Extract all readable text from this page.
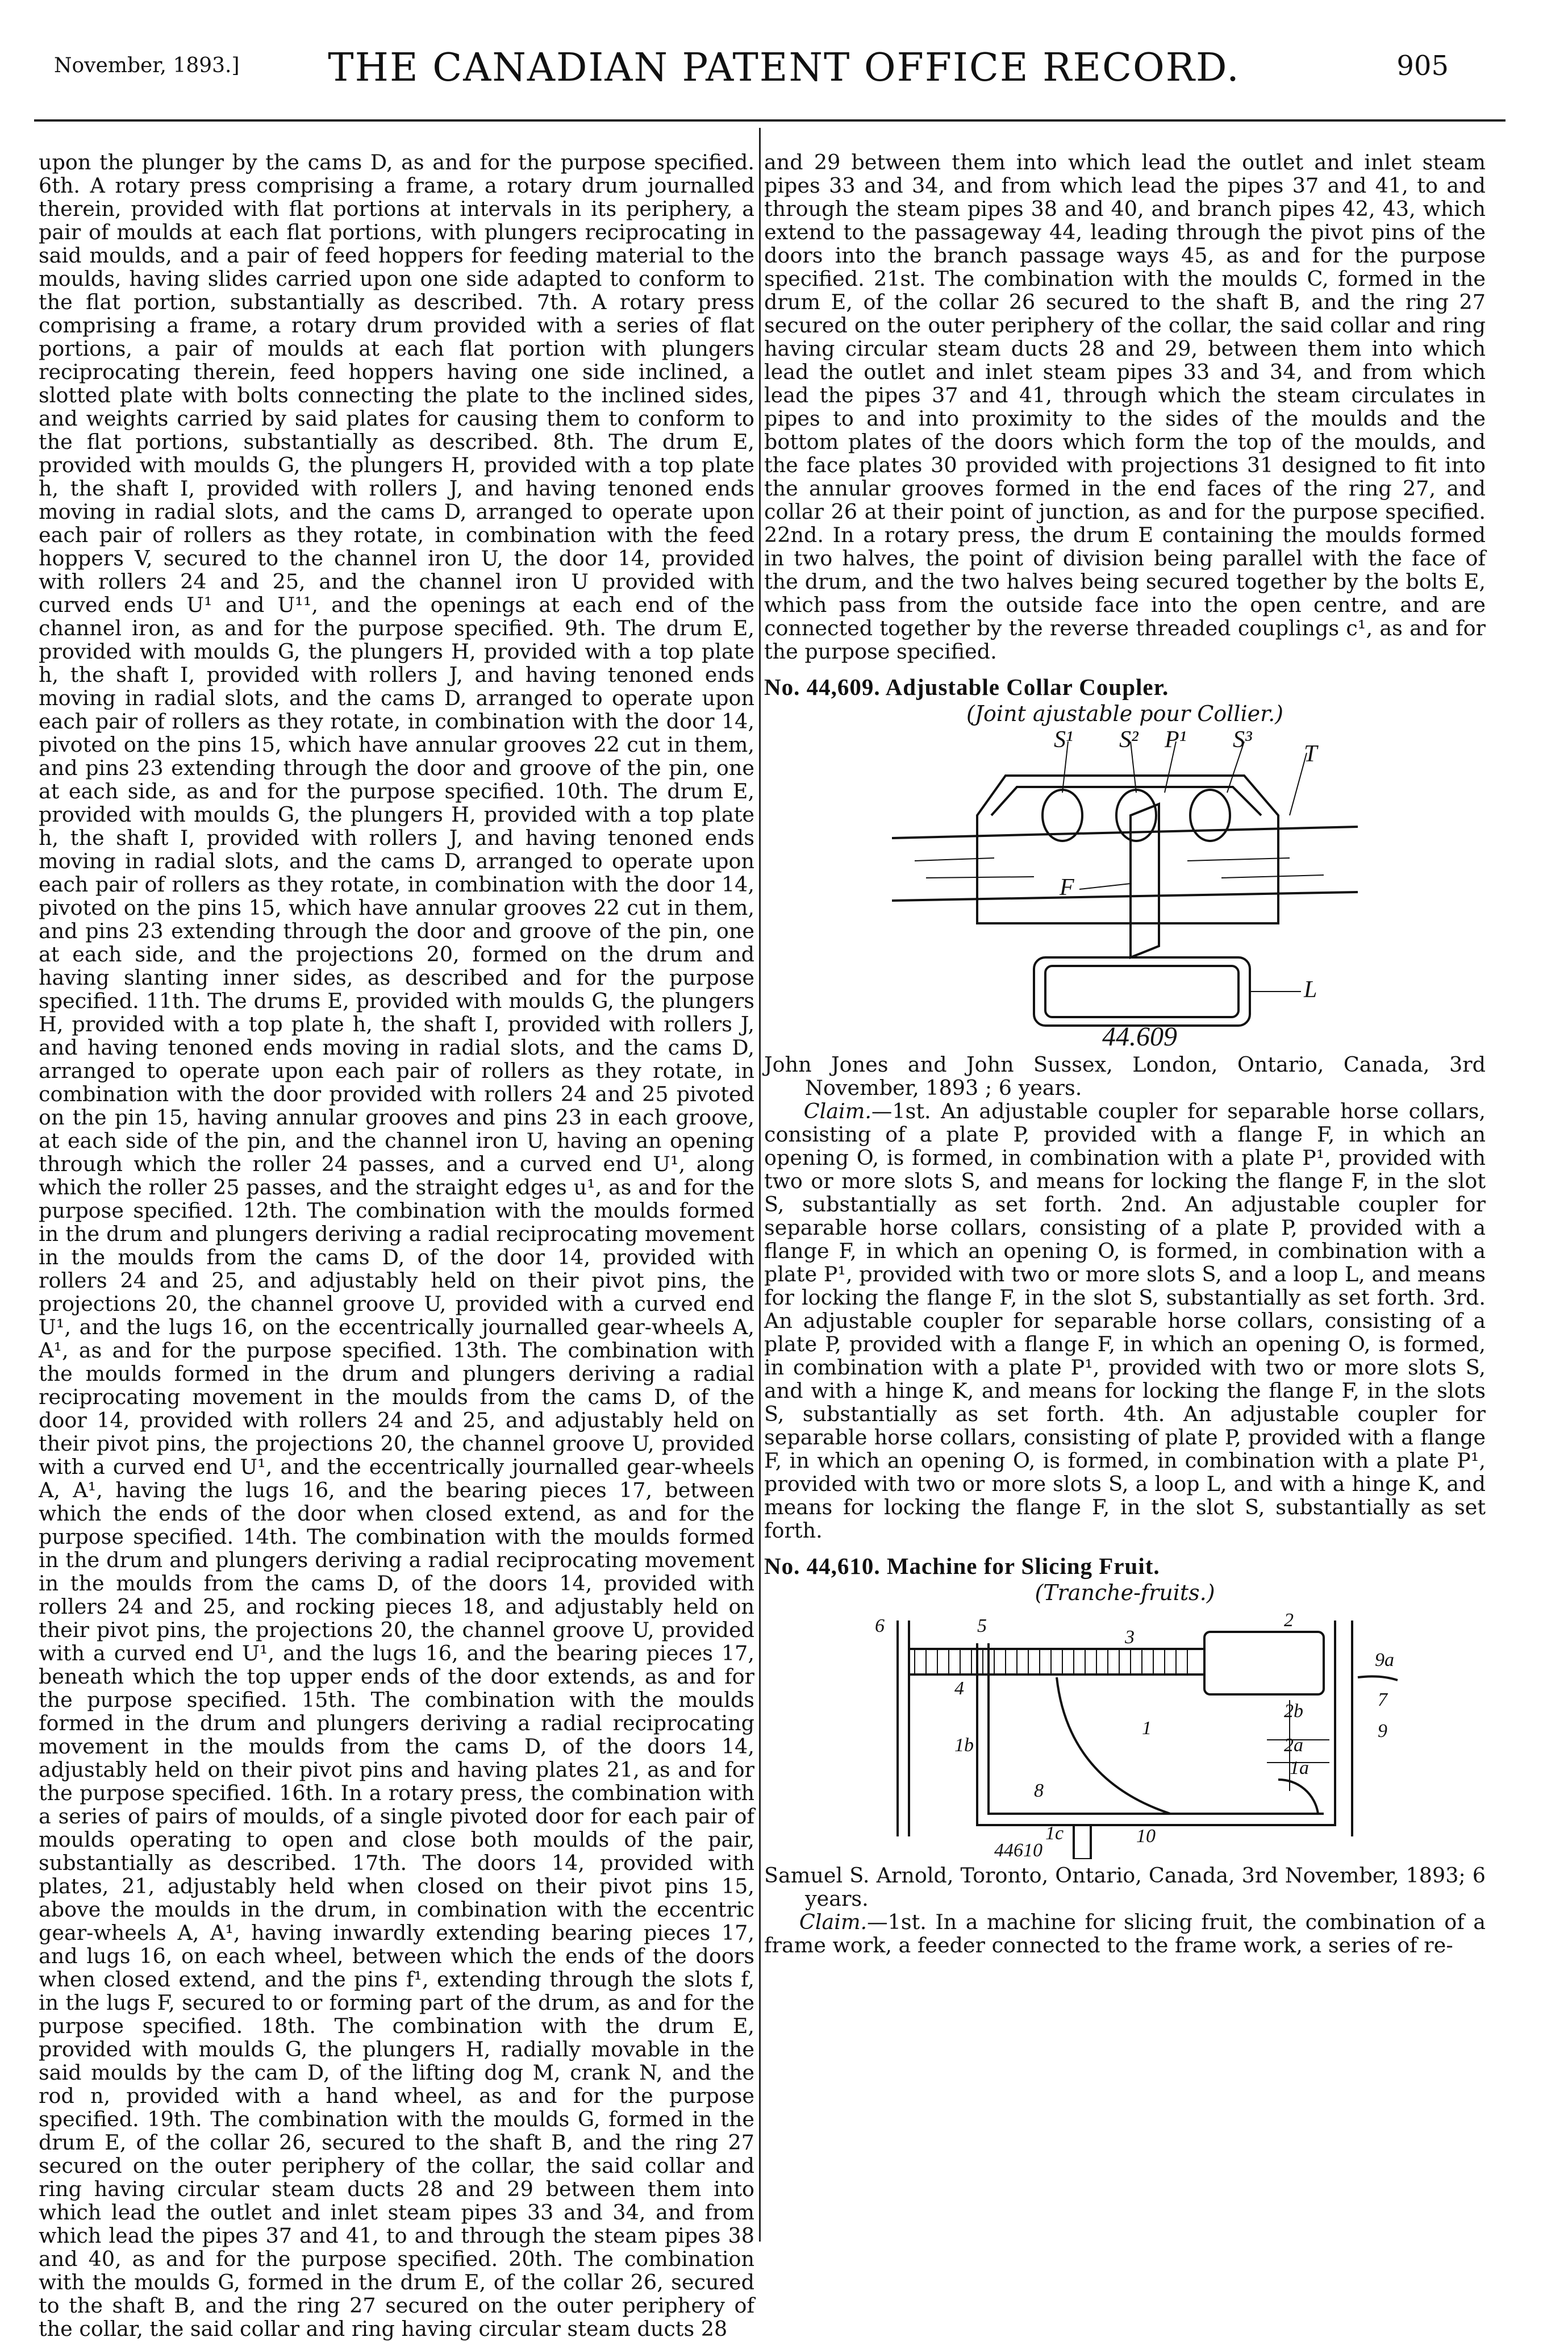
November, 1893.]	THE CANADIAN PATENT OFFICE RECORD.	905

upon the plunger by the cams D, as and for the purpose specified. 6th. A rotary press comprising a frame, a rotary drum journalled therein, provided with flat portions at intervals in its periphery, a pair of moulds at each flat portions, with plungers reciprocating in said moulds, and a pair of feed hoppers for feeding material to the moulds, having slides carried upon one side adapted to conform to the flat portion, substantially as described. 7th. A rotary press comprising a frame, a rotary drum provided with a series of flat portions, a pair of moulds at each flat portion with plungers reciprocating therein, feed hoppers having one side inclined, a slotted plate with bolts connecting the plate to the inclined sides, and weights carried by said plates for causing them to conform to the flat portions, substantially as described. 8th. The drum E, provided with moulds G, the plungers H, provided with a top plate h, the shaft I, provided with rollers J, and having tenoned ends moving in radial slots, and the cams D, arranged to operate upon each pair of rollers as they rotate, in combination with the feed hoppers V, secured to the channel iron U, the door 14, provided with rollers 24 and 25, and the channel iron U provided with curved ends U¹ and U¹¹, and the openings at each end of the channel iron, as and for the purpose specified. 9th. The drum E, provided with moulds G, the plungers H, provided with a top plate h, the shaft I, provided with rollers J, and having tenoned ends moving in radial slots, and the cams D, arranged to operate upon each pair of rollers as they rotate, in combination with the door 14, pivoted on the pins 15, which have annular grooves 22 cut in them, and pins 23 extending through the door and groove of the pin, one at each side, as and for the purpose specified. 10th. The drum E, provided with moulds G, the plungers H, provided with a top plate h, the shaft I, provided with rollers J, and having tenoned ends moving in radial slots, and the cams D, arranged to operate upon each pair of rollers as they rotate, in combination with the door 14, pivoted on the pins 15, which have annular grooves 22 cut in them, and pins 23 extending through the door and groove of the pin, one at each side, and the projections 20, formed on the drum and having slanting inner sides, as described and for the purpose specified. 11th. The drums E, provided with moulds G, the plungers H, provided with a top plate h, the shaft I, provided with rollers J, and having tenoned ends moving in radial slots, and the cams D, arranged to operate upon each pair of rollers as they rotate, in combination with the door provided with rollers 24 and 25 pivoted on the pin 15, having annular grooves and pins 23 in each groove, at each side of the pin, and the channel iron U, having an opening through which the roller 24 passes, and a curved end U¹, along which the roller 25 passes, and the straight edges u¹, as and for the purpose specified. 12th. The combination with the moulds formed in the drum and plungers deriving a radial reciprocating movement in the moulds from the cams D, of the door 14, provided with rollers 24 and 25, and adjustably held on their pivot pins, the projections 20, the channel groove U, provided with a curved end U¹, and the lugs 16, on the eccentrically journalled gear-wheels A, A¹, as and for the purpose specified. 13th. The combination with the moulds formed in the drum and plungers deriving a radial reciprocating movement in the moulds from the cams D, of the door 14, provided with rollers 24 and 25, and adjustably held on their pivot pins, the projections 20, the channel groove U, provided with a curved end U¹, and the eccentrically journalled gear-wheels A, A¹, having the lugs 16, and the bearing pieces 17, between which the ends of the door when closed extend, as and for the purpose specified. 14th. The combination with the moulds formed in the drum and plungers deriving a radial reciprocating movement in the moulds from the cams D, of the doors 14, provided with rollers 24 and 25, and rocking pieces 18, and adjustably held on their pivot pins, the projections 20, the channel groove U, provided with a curved end U¹, and the lugs 16, and the bearing pieces 17, beneath which the top upper ends of the door extends, as and for the purpose specified. 15th. The combination with the moulds formed in the drum and plungers deriving a radial reciprocating movement in the moulds from the cams D, of the doors 14, adjustably held on their pivot pins and having plates 21, as and for the purpose specified. 16th. In a rotary press, the combination with a series of pairs of moulds, of a single pivoted door for each pair of moulds operating to open and close both moulds of the pair, substantially as described. 17th. The doors 14, provided with plates, 21, adjustably held when closed on their pivot pins 15, above the moulds in the drum, in combination with the eccentric gear-wheels A, A¹, having inwardly extending bearing pieces 17, and lugs 16, on each wheel, between which the ends of the doors when closed extend, and the pins f¹, extending through the slots f, in the lugs F, secured to or forming part of the drum, as and for the purpose specified. 18th. The combination with the drum E, provided with moulds G, the plungers H, radially movable in the said moulds by the cam D, of the lifting dog M, crank N, and the rod n, provided with a hand wheel, as and for the purpose specified. 19th. The combination with the moulds G, formed in the drum E, of the collar 26, secured to the shaft B, and the ring 27 secured on the outer periphery of the collar, the said collar and ring having circular steam ducts 28 and 29 between them into which lead the outlet and inlet steam pipes 33 and 34, and from which lead the pipes 37 and 41, to and through the steam pipes 38 and 40, as and for the purpose specified. 20th. The combination with the moulds G, formed in the drum E, of the collar 26, secured to the shaft B, and the ring 27 secured on the outer periphery of the collar, the said collar and ring having circular steam ducts 28

and 29 between them into which lead the outlet and inlet steam pipes 33 and 34, and from which lead the pipes 37 and 41, to and through the steam pipes 38 and 40, and branch pipes 42, 43, which extend to the passageway 44, leading through the pivot pins of the doors into the branch passage ways 45, as and for the purpose specified. 21st. The combination with the moulds C, formed in the drum E, of the collar 26 secured to the shaft B, and the ring 27 secured on the outer periphery of the collar, the said collar and ring having circular steam ducts 28 and 29, between them into which lead the outlet and inlet steam pipes 33 and 34, and from which lead the pipes 37 and 41, through which the steam circulates in pipes to and into proximity to the sides of the moulds and the bottom plates of the doors which form the top of the moulds, and the face plates 30 provided with projections 31 designed to fit into the annular grooves formed in the end faces of the ring 27, and collar 26 at their point of junction, as and for the purpose specified. 22nd. In a rotary press, the drum E containing the moulds formed in two halves, the point of division being parallel with the face of the drum, and the two halves being secured together by the bolts E, which pass from the outside face into the open centre, and are connected together by the reverse threaded couplings c¹, as and for the purpose specified.

No. 44,609. Adjustable Collar Coupler.
(Joint ajustable pour Collier.)
S¹ S² P¹ S³
T
F
L
44.609

John Jones and John Sussex, London, Ontario, Canada, 3rd November, 1893 ; 6 years.

Claim.—1st. An adjustable coupler for separable horse collars, consisting of a plate P, provided with a flange F, in which an opening O, is formed, in combination with a plate P¹, provided with two or more slots S, and means for locking the flange F, in the slot S, substantially as set forth. 2nd. An adjustable coupler for separable horse collars, consisting of a plate P, provided with a flange F, in which an opening O, is formed, in combination with a plate P¹, provided with two or more slots S, and a loop L, and means for locking the flange F, in the slot S, substantially as set forth. 3rd. An adjustable coupler for separable horse collars, consisting of a plate P, provided with a flange F, in which an opening O, is formed, in combination with a plate P¹, provided with two or more slots S, and with a hinge K, and means for locking the flange F, in the slots S, substantially as set forth. 4th. An adjustable coupler for separable horse collars, consisting of plate P, provided with a flange F, in which an opening O, is formed, in combination with a plate P¹, provided with two or more slots S, a loop L, and with a hinge K, and means for locking the flange F, in the slot S, substantially as set forth.

No. 44,610. Machine for Slicing Fruit.
(Tranche-fruits.)
6	5
4
3
2
9a
7
9
1
2b
2a
1a
10
1c
1b
8
44610

Samuel S. Arnold, Toronto, Ontario, Canada, 3rd November, 1893; 6 years.

Claim.—1st. In a machine for slicing fruit, the combination of a frame work, a feeder connected to the frame work, a series of re-
